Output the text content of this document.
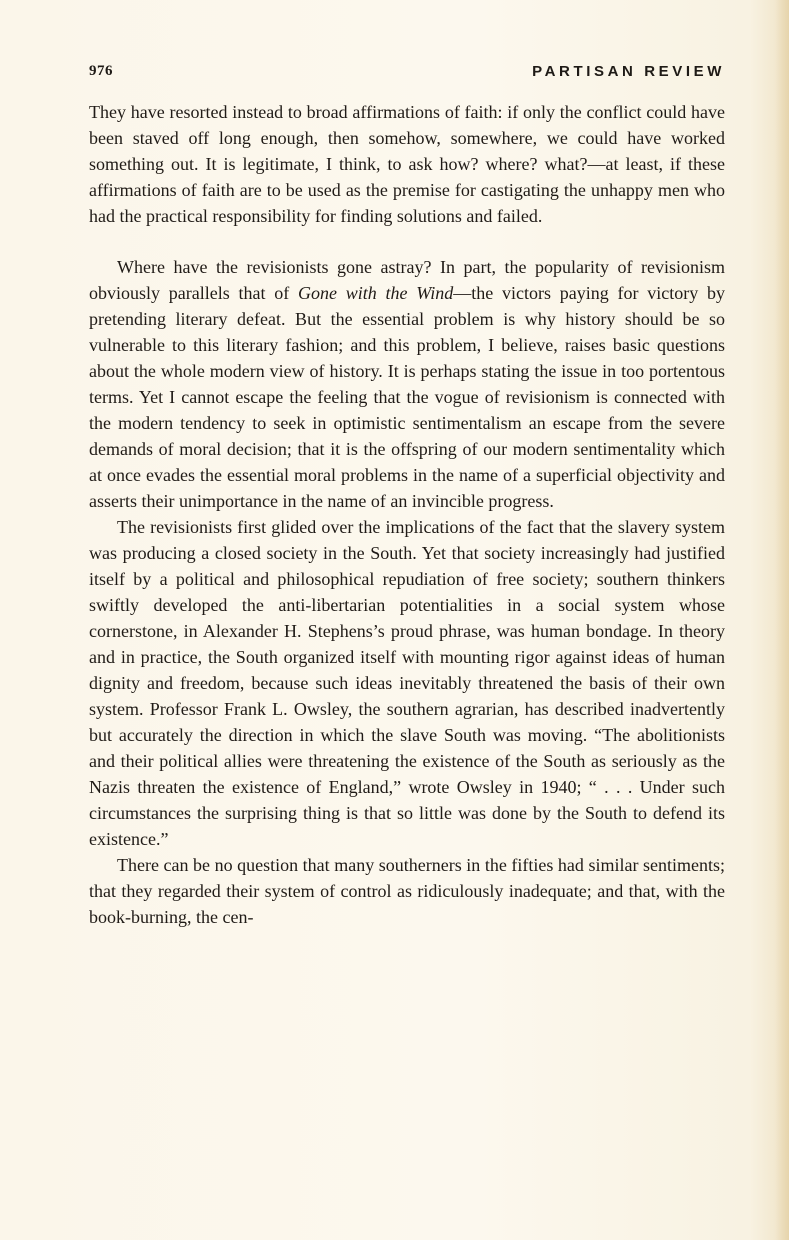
976	PARTISAN REVIEW

They have resorted instead to broad affirmations of faith: if only the conflict could have been staved off long enough, then somehow, somewhere, we could have worked something out. It is legitimate, I think, to ask how? where? what?—at least, if these affirmations of faith are to be used as the premise for castigating the unhappy men who had the practical responsibility for finding solutions and failed.

Where have the revisionists gone astray? In part, the popularity of revisionism obviously parallels that of Gone with the Wind—the victors paying for victory by pretending literary defeat. But the essential problem is why history should be so vulnerable to this literary fashion; and this problem, I believe, raises basic questions about the whole modern view of history. It is perhaps stating the issue in too portentous terms. Yet I cannot escape the feeling that the vogue of revisionism is connected with the modern tendency to seek in optimistic sentimentalism an escape from the severe demands of moral decision; that it is the offspring of our modern sentimentality which at once evades the essential moral problems in the name of a superficial objectivity and asserts their unimportance in the name of an invincible progress.

The revisionists first glided over the implications of the fact that the slavery system was producing a closed society in the South. Yet that society increasingly had justified itself by a political and philosophical repudiation of free society; southern thinkers swiftly developed the anti-libertarian potentialities in a social system whose cornerstone, in Alexander H. Stephens’s proud phrase, was human bondage. In theory and in practice, the South organized itself with mounting rigor against ideas of human dignity and freedom, because such ideas inevitably threatened the basis of their own system. Professor Frank L. Owsley, the southern agrarian, has described inadvertently but accurately the direction in which the slave South was moving. “The abolitionists and their political allies were threatening the existence of the South as seriously as the Nazis threaten the existence of England,” wrote Owsley in 1940; “ . . . Under such circumstances the surprising thing is that so little was done by the South to defend its existence.”

There can be no question that many southerners in the fifties had similar sentiments; that they regarded their system of control as ridiculously inadequate; and that, with the book-burning, the cen-
